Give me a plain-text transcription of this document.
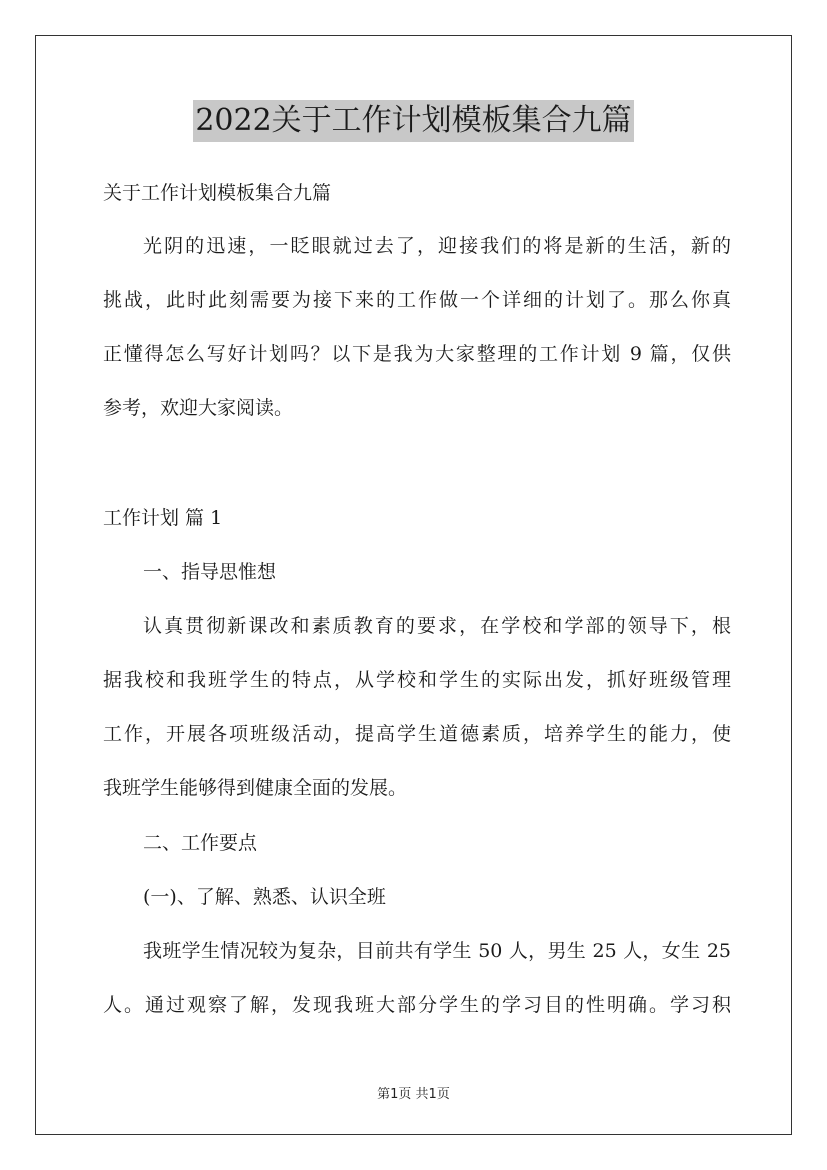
2022关于工作计划模板集合九篇
关于工作计划模板集合九篇
光阴的迅速，一眨眼就过去了，迎接我们的将是新的生活，新的
挑战，此时此刻需要为接下来的工作做一个详细的计划了。那么你真
正懂得怎么写好计划吗？以下是我为大家整理的工作计划 9 篇，仅供
参考，欢迎大家阅读。
工作计划 篇 1
一、指导思惟想
认真贯彻新课改和素质教育的要求，在学校和学部的领导下，根
据我校和我班学生的特点，从学校和学生的实际出发，抓好班级管理
工作，开展各项班级活动，提高学生道德素质，培养学生的能力，使
我班学生能够得到健康全面的发展。
二、工作要点
(一)、了解、熟悉、认识全班
我班学生情况较为复杂，目前共有学生 50 人，男生 25 人，女生 25
人。通过观察了解，发现我班大部分学生的学习目的性明确。学习积
第1页 共1页
